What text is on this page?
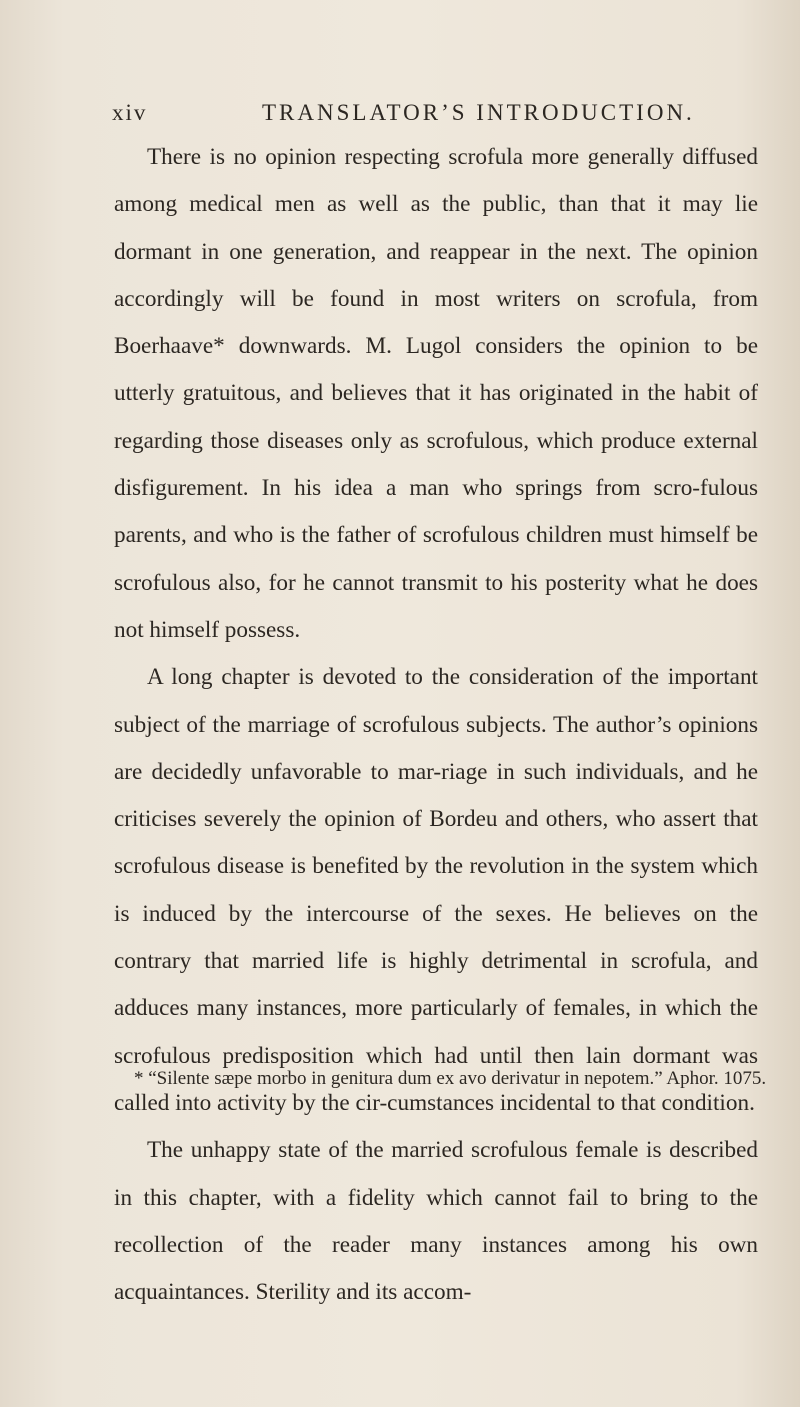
xiv	TRANSLATOR’S INTRODUCTION.

There is no opinion respecting scrofula more generally diffused among medical men as well as the public, than that it may lie dormant in one generation, and reappear in the next. The opinion accordingly will be found in most writers on scrofula, from Boerhaave* downwards. M. Lugol considers the opinion to be utterly gratuitous, and believes that it has originated in the habit of regarding those diseases only as scrofulous, which produce external disfigurement. In his idea a man who springs from scro-fulous parents, and who is the father of scrofulous children must himself be scrofulous also, for he cannot transmit to his posterity what he does not himself possess.

A long chapter is devoted to the consideration of the important subject of the marriage of scrofulous subjects. The author’s opinions are decidedly unfavorable to mar-riage in such individuals, and he criticises severely the opinion of Bordeu and others, who assert that scrofulous disease is benefited by the revolution in the system which is induced by the intercourse of the sexes. He believes on the contrary that married life is highly detrimental in scrofula, and adduces many instances, more particularly of females, in which the scrofulous predisposition which had until then lain dormant was called into activity by the cir-cumstances incidental to that condition.

The unhappy state of the married scrofulous female is described in this chapter, with a fidelity which cannot fail to bring to the recollection of the reader many instances among his own acquaintances. Sterility and its accom-

* “Silente sæpe morbo in genitura dum ex avo derivatur in nepotem.” Aphor. 1075.
